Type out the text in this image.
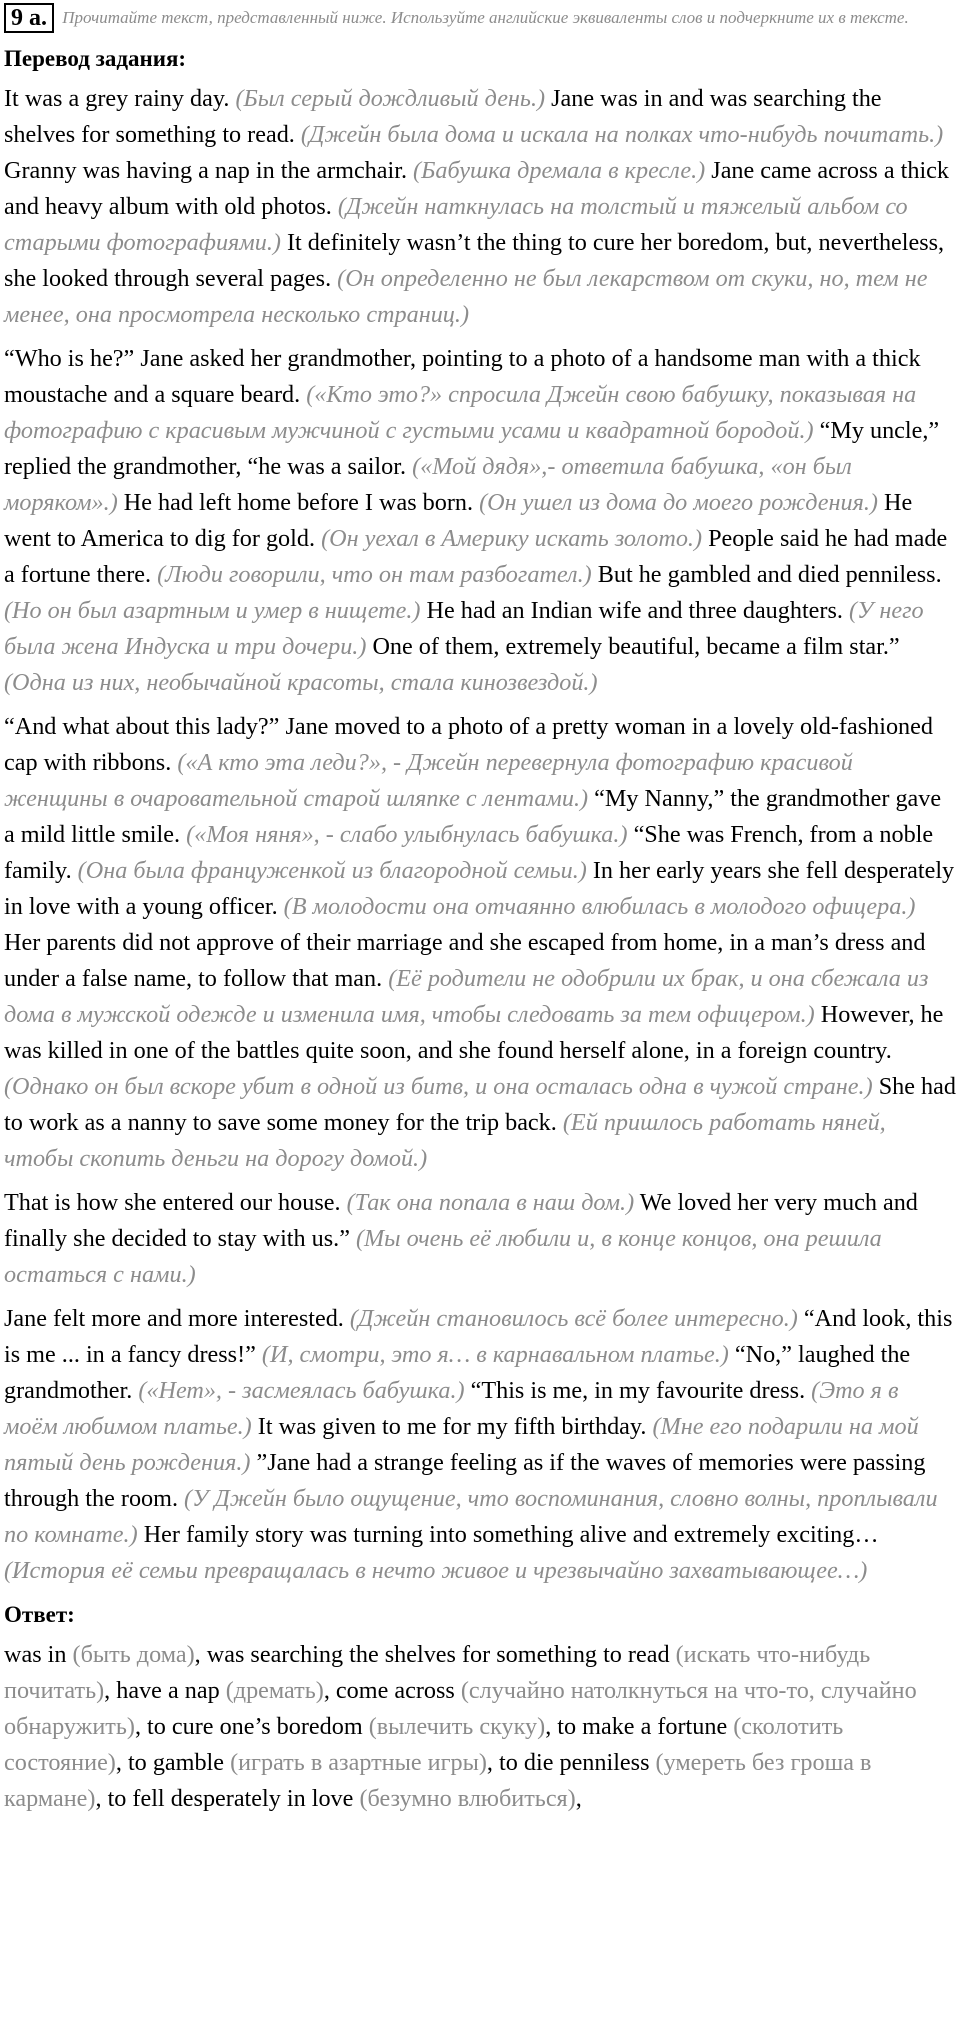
9 a. Прочитайте текст, представленный ниже. Используйте английские эквиваленты слов и подчеркните их в тексте.
Перевод задания:

It was a grey rainy day. (Был серый дождливый день.) Jane was in and was searching the shelves for something to read. (Джейн была дома и искала на полках что-нибудь почитать.) Granny was having a nap in the armchair. (Бабушка дремала в кресле.) Jane came across a thick and heavy album with old photos. (Джейн наткнулась на толстый и тяжелый альбом со старыми фотографиями.) It definitely wasn’t the thing to cure her boredom, but, nevertheless, she looked through several pages. (Он определенно не был лекарством от скуки, но, тем не менее, она просмотрела несколько страниц.)

“Who is he?” Jane asked her grandmother, pointing to a photo of a handsome man with a thick moustache and a square beard. («Кто это?» спросила Джейн свою бабушку, показывая на фотографию с красивым мужчиной с густыми усами и квадратной бородой.) “My uncle,” replied the grandmother, “he was a sailor. («Мой дядя»,- ответила бабушка, «он был моряком».) He had left home before I was born. (Он ушел из дома до моего рождения.) He went to America to dig for gold. (Он уехал в Америку искать золото.) People said he had made a fortune there. (Люди говорили, что он там разбогател.) But he gambled and died penniless. (Но он был азартным и умер в нищете.) He had an Indian wife and three daughters. (У него была жена Индуска и три дочери.) One of them, extremely beautiful, became a film star.” (Одна из них, необычайной красоты, стала кинозвездой.)

“And what about this lady?” Jane moved to a photo of a pretty woman in a lovely old-fashioned cap with ribbons. («А кто эта леди?», - Джейн перевернула фотографию красивой женщины в очаровательной старой шляпке с лентами.) “My Nanny,” the grandmother gave a mild little smile. («Моя няня», - слабо улыбнулась бабушка.) “She was French, from a noble family. (Она была француженкой из благородной семьи.) In her early years she fell desperately in love with a young officer. (В молодости она отчаянно влюбилась в молодого офицера.) Her parents did not approve of their marriage and she escaped from home, in a man’s dress and under a false name, to follow that man. (Её родители не одобрили их брак, и она сбежала из дома в мужской одежде и изменила имя, чтобы следовать за тем офицером.) However, he was killed in one of the battles quite soon, and she found herself alone, in a foreign country. (Однако он был вскоре убит в одной из битв, и она осталась одна в чужой стране.) She had to work as a nanny to save some money for the trip back. (Ей пришлось работать няней, чтобы скопить деньги на дорогу домой.)

That is how she entered our house. (Так она попала в наш дом.) We loved her very much and finally she decided to stay with us.” (Мы очень её любили и, в конце концов, она решила остаться с нами.)

Jane felt more and more interested. (Джейн становилось всё более интересно.) “And look, this is me ... in a fancy dress!” (И, смотри, это я… в карнавальном платье.) “No,” laughed the grandmother. («Нет», - засмеялась бабушка.) “This is me, in my favourite dress. (Это я в моём любимом платье.) It was given to me for my fifth birthday. (Мне его подарили на мой пятый день рождения.) ”Jane had a strange feeling as if the waves of memories were passing through the room. (У Джейн было ощущение, что воспоминания, словно волны, проплывали по комнате.) Her family story was turning into something alive and extremely exciting… (История её семьи превращалась в нечто живое и чрезвычайно захватывающее…)

Ответ:
was in (быть дома), was searching the shelves for something to read (искать что-нибудь почитать), have a nap (дремать), come across (случайно натолкнуться на что-то, случайно обнаружить), to cure one’s boredom (вылечить скуку), to make a fortune (сколотить состояние), to gamble (играть в азартные игры), to die penniless (умереть без гроша в кармане), to fell desperately in love (безумно влюбиться),
